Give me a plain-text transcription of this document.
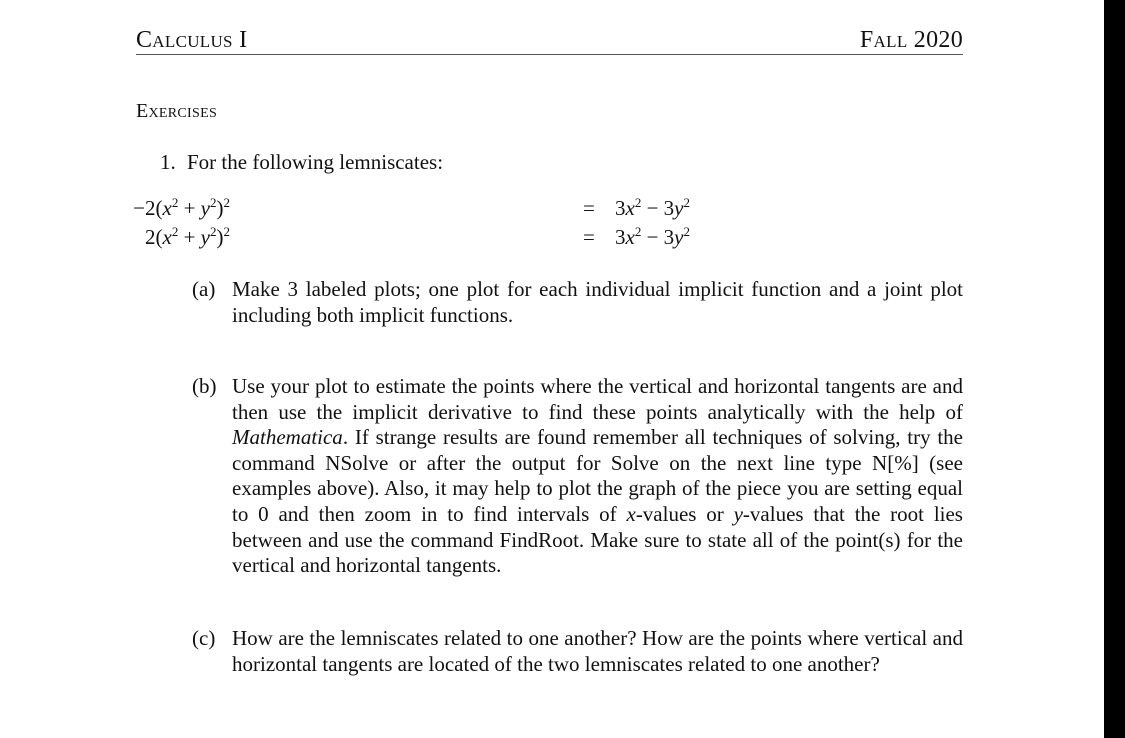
Calculus I	Fall 2020
Exercises
1. For the following lemniscates:
$-2(x^2 + y^2)^2$	= $3x^2 - 3y^2$
$2(x^2 + y^2)^2$	= $3x^2 - 3y^2$
(a) Make 3 labeled plots; one plot for each individual implicit function and a joint plot including both implicit functions.
(b) Use your plot to estimate the points where the vertical and horizontal tangents are and then use the implicit derivative to find these points analytically with the help of Mathematica. If strange results are found remember all techniques of solving, try the command NSolve or after the output for Solve on the next line type N[%] (see examples above). Also, it may help to plot the graph of the piece you are setting equal to 0 and then zoom in to find intervals of x-values or y-values that the root lies between and use the command FindRoot. Make sure to state all of the point(s) for the vertical and horizontal tangents.
(c) How are the lemniscates related to one another? How are the points where vertical and horizontal tangents are located of the two lemniscates related to one another?
